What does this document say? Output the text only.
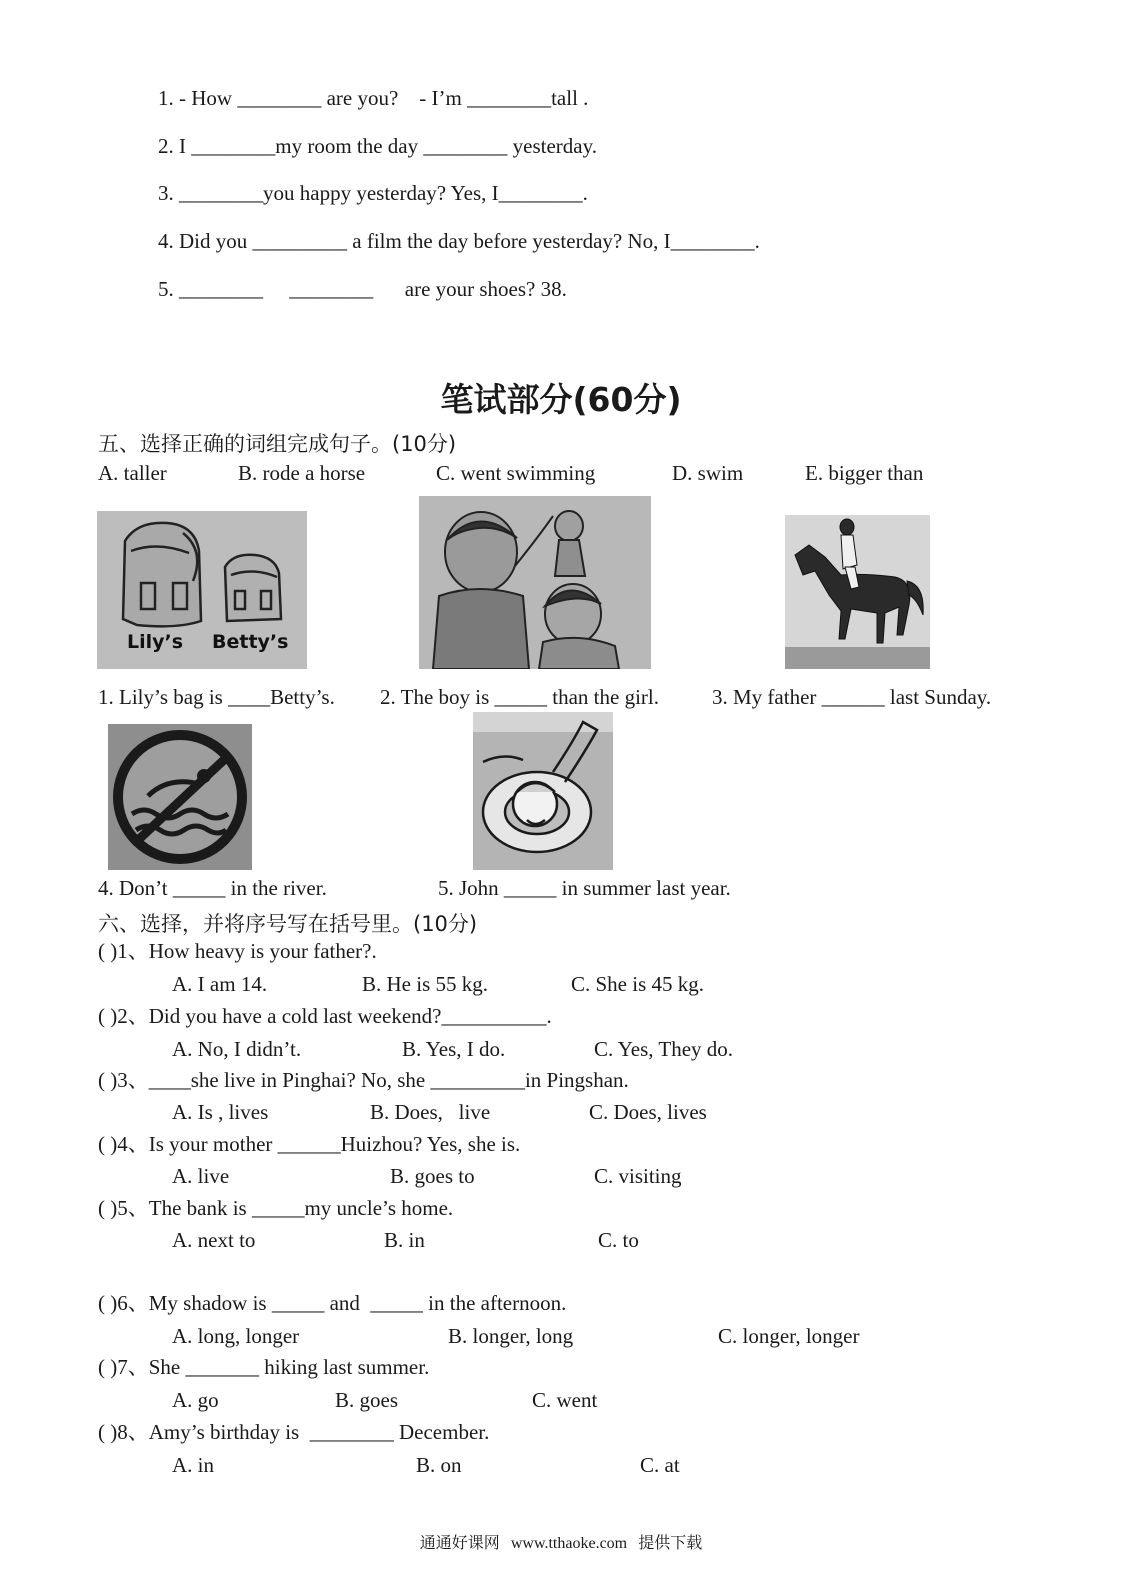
1. - How ________ are you?    - I’m ________tall .
2. I ________my room the day ________ yesterday.
3. ________you happy yesterday? Yes, I________.
4. Did you _________ a film the day before yesterday? No, I________.
5. ________     ________      are your shoes? 38.
笔试部分(60分)
五、选择正确的词组完成句子。(10分)
A. taller	B. rode a horse	C. went swimming	D. swim	E. bigger than
Lily’s Betty’s
1. Lily’s bag is ____Betty’s. 2. The boy is _____ than the girl.	3. My father ______ last Sunday.
4. Don’t _____ in the river.	5. John _____ in summer last year.
六、选择，并将序号写在括号里。(10分)
( )1、How heavy is your father?.
A. I am 14.	B. He is 55 kg.	C. She is 45 kg.
( )2、Did you have a cold last weekend?__________.
A. No, I didn’t.	B. Yes, I do.	C. Yes, They do.
( )3、____she live in Pinghai? No, she _________in Pingshan.
A. Is , lives	B. Does,   live	C. Does, lives
( )4、Is your mother ______Huizhou? Yes, she is.
A. live	B. goes to	C. visiting
( )5、The bank is _____my uncle’s home.
A. next to	B. in	C. to
( )6、My shadow is _____ and  _____ in the afternoon.
A. long, longer	B. longer, long	C. longer, longer
( )7、She _______ hiking last summer.
A. go	B. goes	C. went
( )8、Amy’s birthday is  ________ December.
A. in	B. on	C. at
通通好课网 www.tthaoke.com 提供下载
